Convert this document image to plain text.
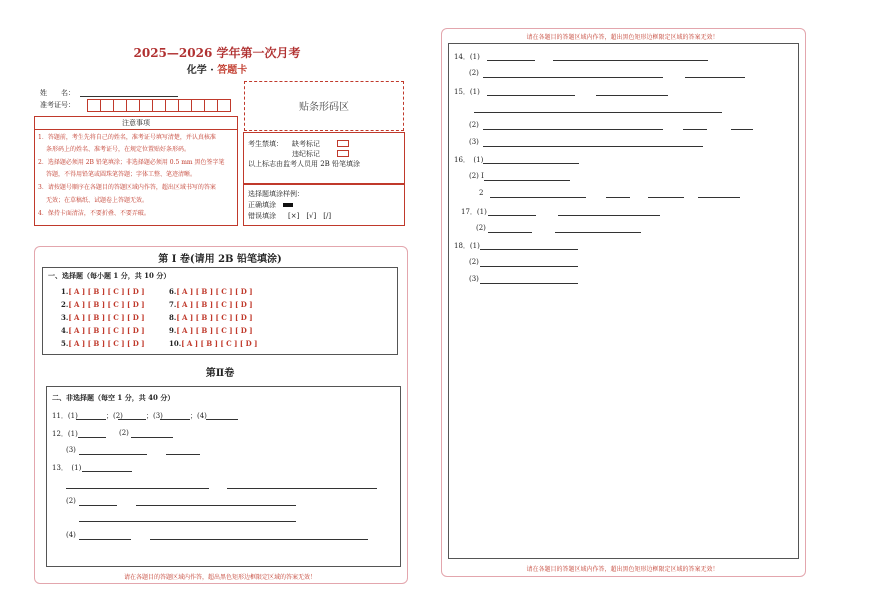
2025—2026 学年第一次月考
化学 · 答题卡
姓　　名：
准考证号：	贴条形码区
注意事项
1．答题前，考生先将自己的姓名，准考证号填写清楚，并认真核准
条形码上的姓名、准考证号，在规定位置贴好条形码。
2．选择题必须用 2B 铅笔填涂；非选择题必须用 0.5 mm 黑色签字笔
答题，不得用铅笔或圆珠笔答题；字体工整、笔迹清晰。
3．请按题号顺序在各题目的答题区域内作答，超出区域书写的答案
无效；在草稿纸、试题卷上答题无效。
4．保持卡面清洁，不要折叠、不要弄破。
考生禁填： 缺考标记
违纪标记
以上标志由监考人员用 2B 铅笔填涂
选择题填涂样例：
正确填涂
错误填涂 [×]　[√]　[/]
第 I 卷(请用 2B 铅笔填涂)
一、选择题（每小题 1 分，共 10 分）
1.[ A ] [ B ] [ C ] [ D ]
2.[ A ] [ B ] [ C ] [ D ]
3.[ A ] [ B ] [ C ] [ D ]
4.[ A ] [ B ] [ C ] [ D ]
5.[ A ] [ B ] [ C ] [ D ]
6.[ A ] [ B ] [ C ] [ D ]
7.[ A ] [ B ] [ C ] [ D ]
8.[ A ] [ B ] [ C ] [ D ]
9.[ A ] [ B ] [ C ] [ D ]
10.[ A ] [ B ] [ C ] [ D ]
第Ⅱ卷
二、非选择题（每空 1 分，共 40 分）
11．(1)	；(2)	；(3)	；(4)
12．(1)	(2)
(3)
13．　(1)
(2)
(4)
请在各题目的答题区域内作答，超出黑色矩形边框限定区域的答案无效！
请在各题目的答题区域内作答，超出黑色矩形边框限定区域的答案无效！
14．(1)
(2)
15．(1)
(2)
(3)
16．　(1)
(2) I
2
17．(1)
(2)
18．(1)
(2)
(3)
请在各题目的答题区域内作答，超出黑色矩形边框限定区域的答案无效！
